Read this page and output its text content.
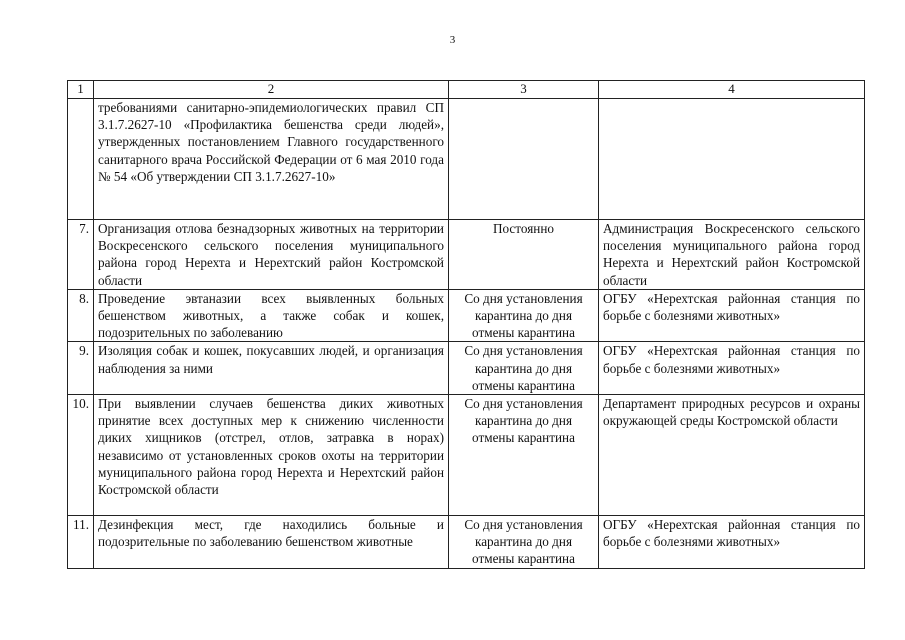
3
1	2	3	4
	требованиями санитарно-эпидемиологических правил СП 3.1.7.2627-10 «Профилактика бешенства среди людей», утвержденных постановлением Главного государственного санитарного врача Российской Федерации от 6 мая 2010 года № 54 «Об утверждении СП 3.1.7.2627-10»		
7.	Организация отлова безнадзорных животных на территории Воскресенского сельского поселения муниципального района город Нерехта и Нерехтский район Костромской области	Постоянно	Администрация Воскресенского сельского поселения муниципального района город Нерехта и Нерехтский район Костромской области
8.	Проведение эвтаназии всех выявленных больных бешенством животных, а также собак и кошек, подозрительных по заболеванию	Со дня установления карантина до дня отмены карантина	ОГБУ «Нерехтская районная станция по борьбе с болезнями животных»
9.	Изоляция собак и кошек, покусавших людей, и организация наблюдения за ними	Со дня установления карантина до дня отмены карантина	ОГБУ «Нерехтская районная станция по борьбе с болезнями животных»
10.	При выявлении случаев бешенства диких животных принятие всех доступных мер к снижению численности диких хищников (отстрел, отлов, затравка в норах) независимо от установленных сроков охоты на территории муниципального района город Нерехта и Нерехтский район Костромской области	Со дня установления карантина до дня отмены карантина	Департамент природных ресурсов и охраны окружающей среды Костромской области
11.	Дезинфекция мест, где находились больные и подозрительные по заболеванию бешенством животные	Со дня установления карантина до дня отмены карантина	ОГБУ «Нерехтская районная станция по борьбе с болезнями животных»
